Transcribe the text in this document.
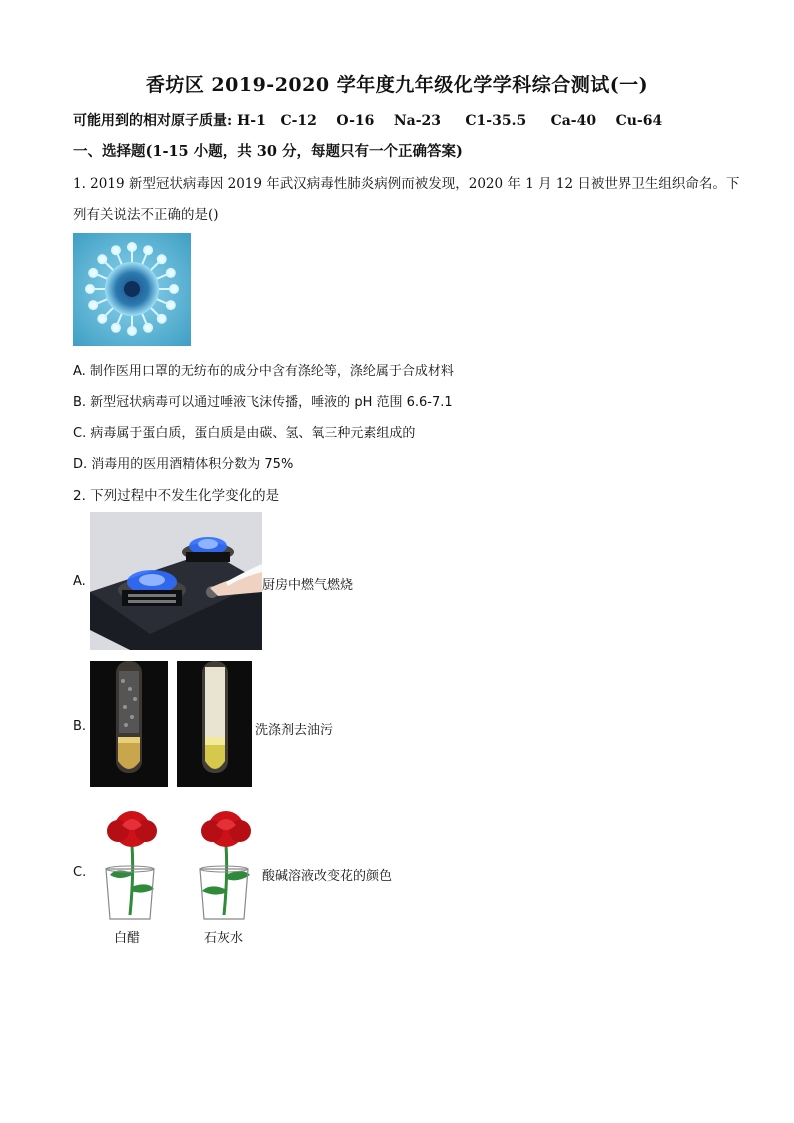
香坊区 2019-2020 学年度九年级化学学科综合测试(一)
可能用到的相对原子质量: H-1   C-12    O-16    Na-23     C1-35.5     Ca-40    Cu-64
一、选择题(1-15 小题，共 30 分，每题只有一个正确答案)
1. 2019 新型冠状病毒因 2019 年武汉病毒性肺炎病例而被发现，2020 年 1 月 12 日被世界卫生组织命名。下
列有关说法不正确的是()
A. 制作医用口罩的无纺布的成分中含有涤纶等，涤纶属于合成材料
B. 新型冠状病毒可以通过唾液飞沫传播，唾液的 pH 范围 6.6-7.1
C. 病毒属于蛋白质，蛋白质是由碳、氢、氧三种元素组成的
D. 消毒用的医用酒精体积分数为 75%
2. 下列过程中不发生化学变化的是
A.	厨房中燃气燃烧
B.	洗涤剂去油污
C.	酸碱溶液改变花的颜色
白醋	石灰水
